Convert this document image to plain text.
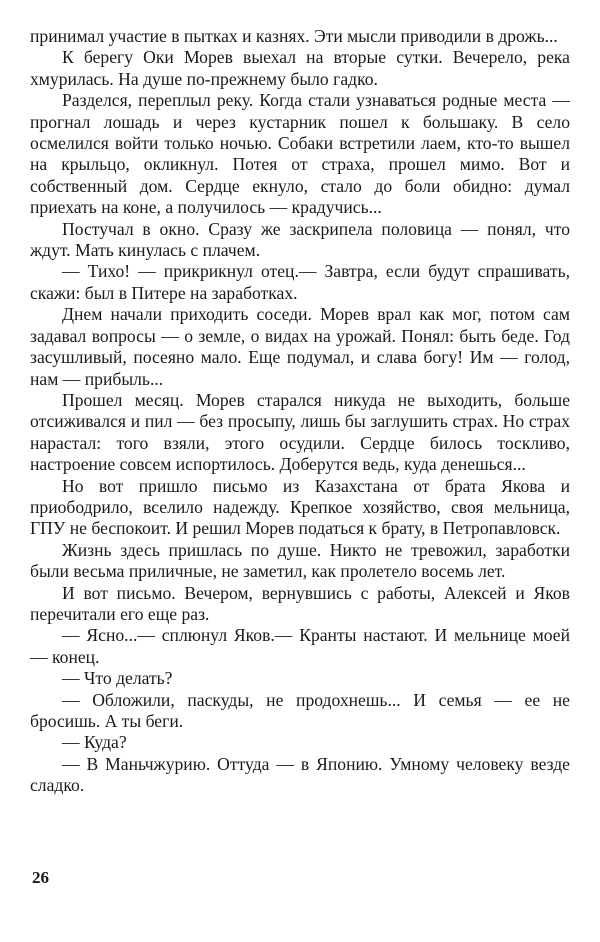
принимал участие в пытках и казнях. Эти мысли приводили в дрожь...

К берегу Оки Морев выехал на вторые сутки. Вечерело, река хмурилась. На душе по-прежнему было гадко.

Разделся, переплыл реку. Когда стали узнаваться родные места — прогнал лошадь и через кустарник пошел к большаку. В село осмелился войти только ночью. Собаки встретили лаем, кто-то вышел на крыльцо, окликнул. Потея от страха, прошел мимо. Вот и собственный дом. Сердце екнуло, стало до боли обидно: думал приехать на коне, а получилось — крадучись...

Постучал в окно. Сразу же заскрипела половица — понял, что ждут. Мать кинулась с плачем.

— Тихо! — прикрикнул отец.— Завтра, если будут спрашивать, скажи: был в Питере на заработках.

Днем начали приходить соседи. Морев врал как мог, потом сам задавал вопросы — о земле, о видах на урожай. Понял: быть беде. Год засушливый, посеяно мало. Еще подумал, и слава богу! Им — голод, нам — прибыль...

Прошел месяц. Морев старался никуда не выходить, больше отсиживался и пил — без просыпу, лишь бы заглушить страх. Но страх нарастал: того взяли, этого осудили. Сердце билось тоскливо, настроение совсем испортилось. Доберутся ведь, куда денешься...

Но вот пришло письмо из Казахстана от брата Якова и приободрило, вселило надежду. Крепкое хозяйство, своя мельница, ГПУ не беспокоит. И решил Морев податься к брату, в Петропавловск.

Жизнь здесь пришлась по душе. Никто не тревожил, заработки были весьма приличные, не заметил, как пролетело восемь лет.

И вот письмо. Вечером, вернувшись с работы, Алексей и Яков перечитали его еще раз.

— Ясно...— сплюнул Яков.— Кранты настают. И мельнице моей — конец.

— Что делать?

— Обложили, паскуды, не продохнешь... И семья — ее не бросишь. А ты беги.

— Куда?

— В Маньчжурию. Оттуда — в Японию. Умному человеку везде сладко.

26
